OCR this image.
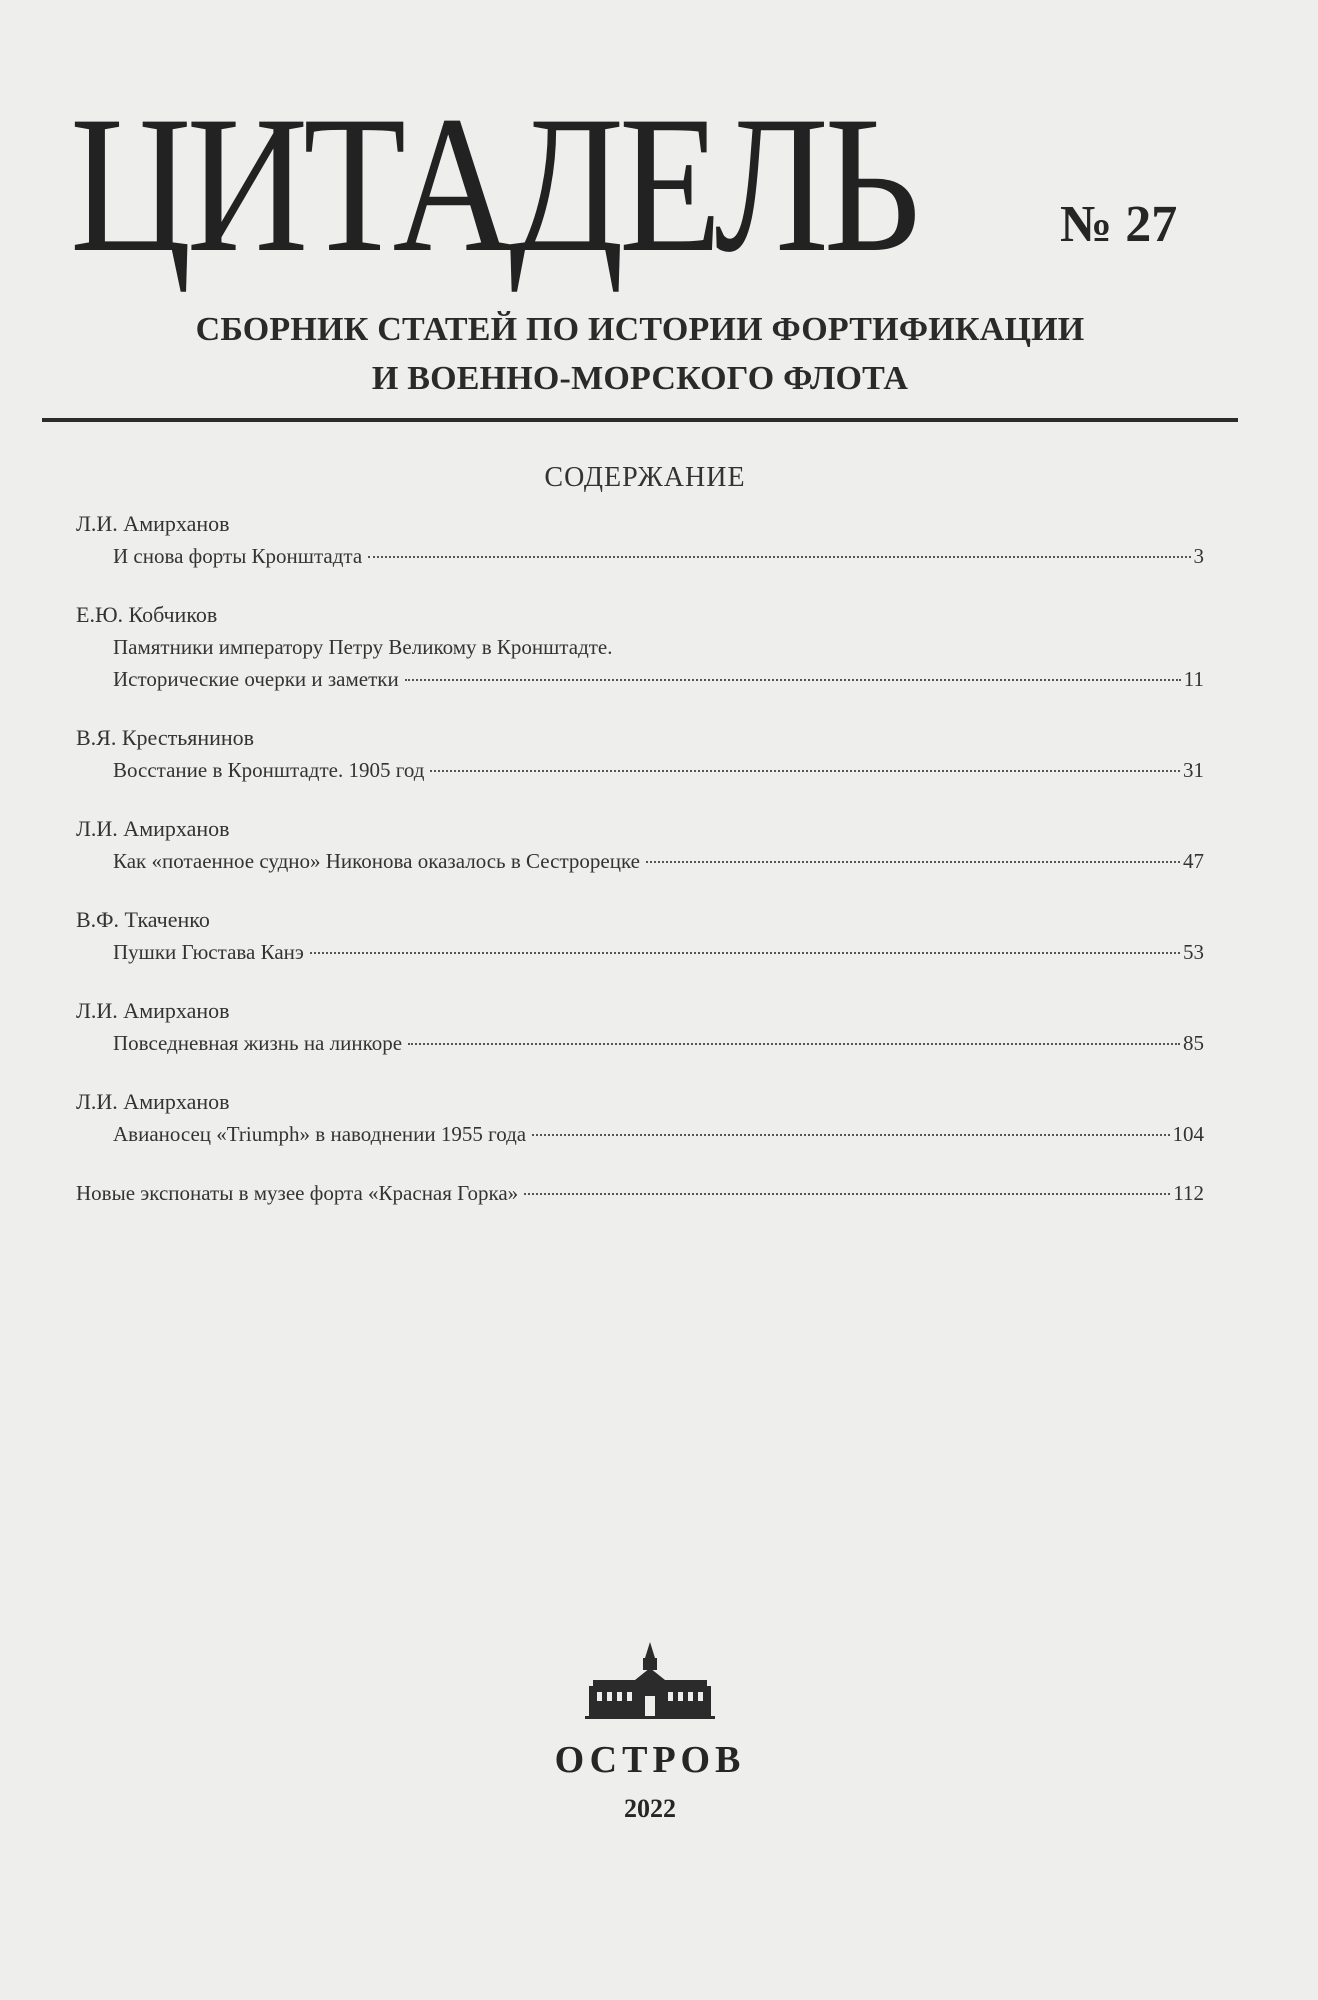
ЦИТАДЕЛЬ	№ 27
СБОРНИК СТАТЕЙ ПО ИСТОРИИ ФОРТИФИКАЦИИ
И ВОЕННО-МОРСКОГО ФЛОТА
СОДЕРЖАНИЕ
Л.И. Амирханов
И снова форты Кронштадта	3
Е.Ю. Кобчиков
Памятники императору Петру Великому в Кронштадте.
Исторические очерки и заметки	11
В.Я. Крестьянинов
Восстание в Кронштадте. 1905 год	31
Л.И. Амирханов
Как «потаенное судно» Никонова оказалось в Сестрорецке	47
В.Ф. Ткаченко
Пушки Гюстава Канэ	53
Л.И. Амирханов
Повседневная жизнь на линкоре	85
Л.И. Амирханов
Авианосец «Triumph» в наводнении 1955 года	104
Новые экспонаты в музее форта «Красная Горка»	112
ОСТРОВ
2022
